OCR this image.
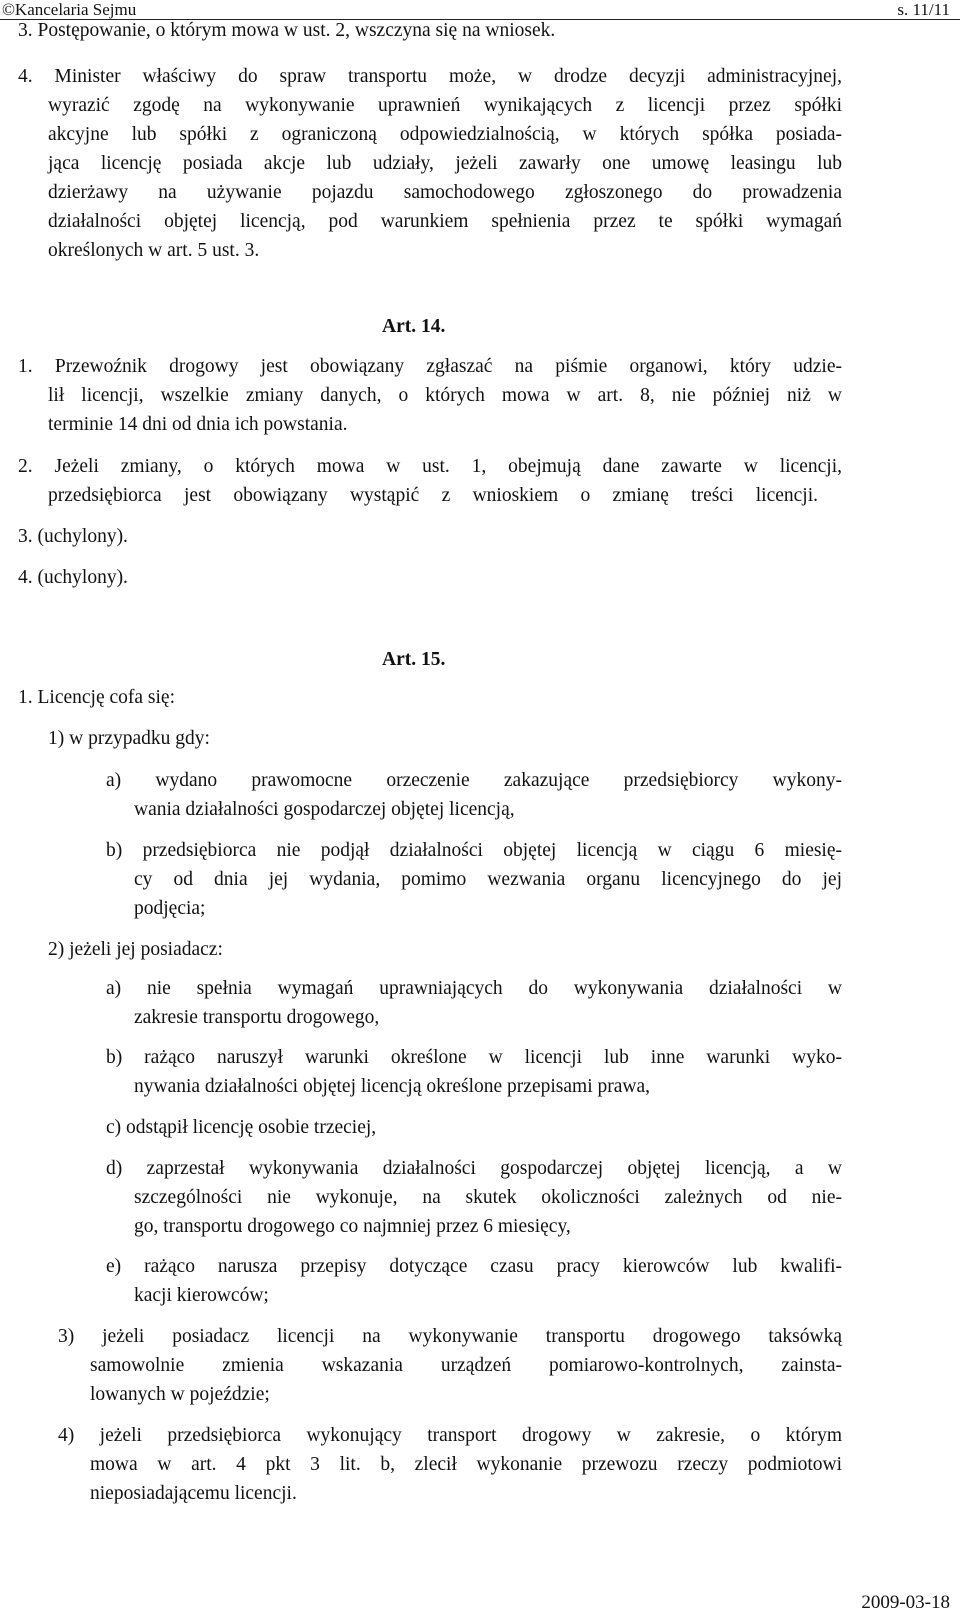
©Kancelaria Sejmu	s. 11/11
3. Postępowanie, o którym mowa w ust. 2, wszczyna się na wniosek.
4. Minister właściwy do spraw transportu może, w drodze decyzji administracyjnej,
wyrazić zgodę na wykonywanie uprawnień wynikających z licencji przez spółki
akcyjne lub spółki z ograniczoną odpowiedzialnością, w których spółka posiada-
jąca licencję posiada akcje lub udziały, jeżeli zawarły one umowę leasingu lub
dzierżawy na używanie pojazdu samochodowego zgłoszonego do prowadzenia
działalności objętej licencją, pod warunkiem spełnienia przez te spółki wymagań
określonych w art. 5 ust. 3.
Art. 14.
1. Przewoźnik drogowy jest obowiązany zgłaszać na piśmie organowi, który udzie-
lił licencji, wszelkie zmiany danych, o których mowa w art. 8, nie później niż w
terminie 14 dni od dnia ich powstania.
2. Jeżeli zmiany, o których mowa w ust. 1, obejmują dane zawarte w licencji,
przedsiębiorca jest obowiązany wystąpić z wnioskiem o zmianę treści licencji.
3. (uchylony).
4. (uchylony).
Art. 15.
1. Licencję cofa się:
1) w przypadku gdy:
a) wydano prawomocne orzeczenie zakazujące przedsiębiorcy wykony-
wania działalności gospodarczej objętej licencją,
b) przedsiębiorca nie podjął działalności objętej licencją w ciągu 6 miesię-
cy od dnia jej wydania, pomimo wezwania organu licencyjnego do jej
podjęcia;
2) jeżeli jej posiadacz:
a) nie spełnia wymagań uprawniających do wykonywania działalności w
zakresie transportu drogowego,
b) rażąco naruszył warunki określone w licencji lub inne warunki wyko-
nywania działalności objętej licencją określone przepisami prawa,
c) odstąpił licencję osobie trzeciej,
d) zaprzestał wykonywania działalności gospodarczej objętej licencją, a w
szczególności nie wykonuje, na skutek okoliczności zależnych od nie-
go, transportu drogowego co najmniej przez 6 miesięcy,
e) rażąco narusza przepisy dotyczące czasu pracy kierowców lub kwalifi-
kacji kierowców;
3) jeżeli posiadacz licencji na wykonywanie transportu drogowego taksówką
samowolnie zmienia wskazania urządzeń pomiarowo-kontrolnych, zainsta-
lowanych w pojeździe;
4) jeżeli przedsiębiorca wykonujący transport drogowy w zakresie, o którym
mowa w art. 4 pkt 3 lit. b, zlecił wykonanie przewozu rzeczy podmiotowi
nieposiadającemu licencji.
2009-03-18
